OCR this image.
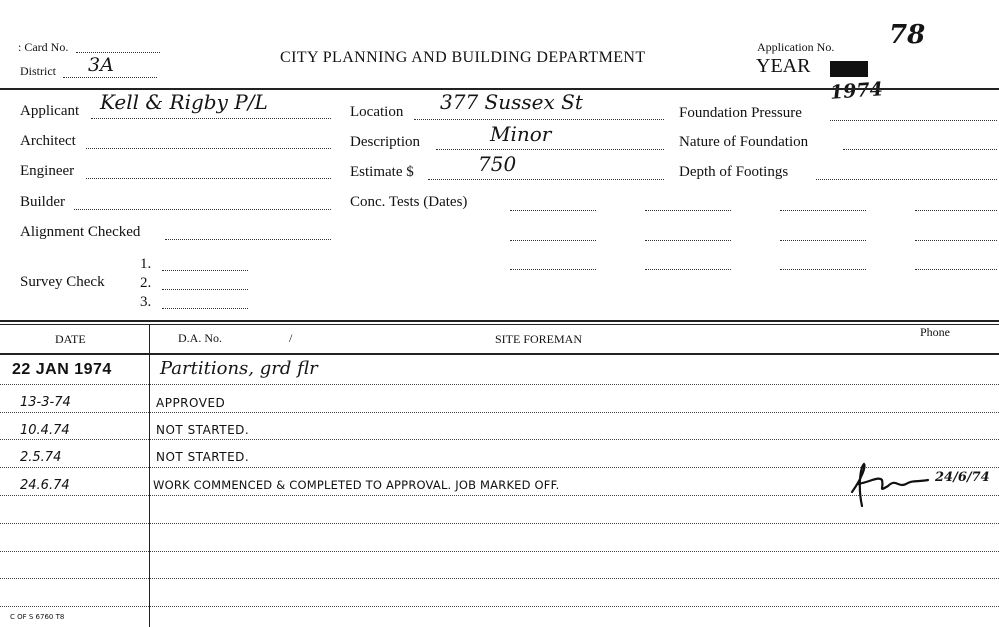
: Card No.
District 3A	CITY PLANNING AND BUILDING DEPARTMENT
Application No. 78
YEAR
1974
Applicant Kell & Rigby P/L
Architect
Engineer
Builder
Alignment Checked
Survey Check
1.
2.
3.
Location 377 Sussex St
Description	Minor
Estimate $	750
Conc. Tests (Dates)
Foundation Pressure
Nature of Foundation
Depth of Footings
DATE	D.A. No.	/	SITE FOREMAN	Phone
22 JAN 1974	Partitions, grd flr
13-3-74	APPROVED
10.4.74	NOT STARTED.
2.5.74	NOT STARTED.
24.6.74	WORK COMMENCED & COMPLETED TO APPROVAL. JOB MARKED OFF.	24/6/74
C OF S 6760 T8
